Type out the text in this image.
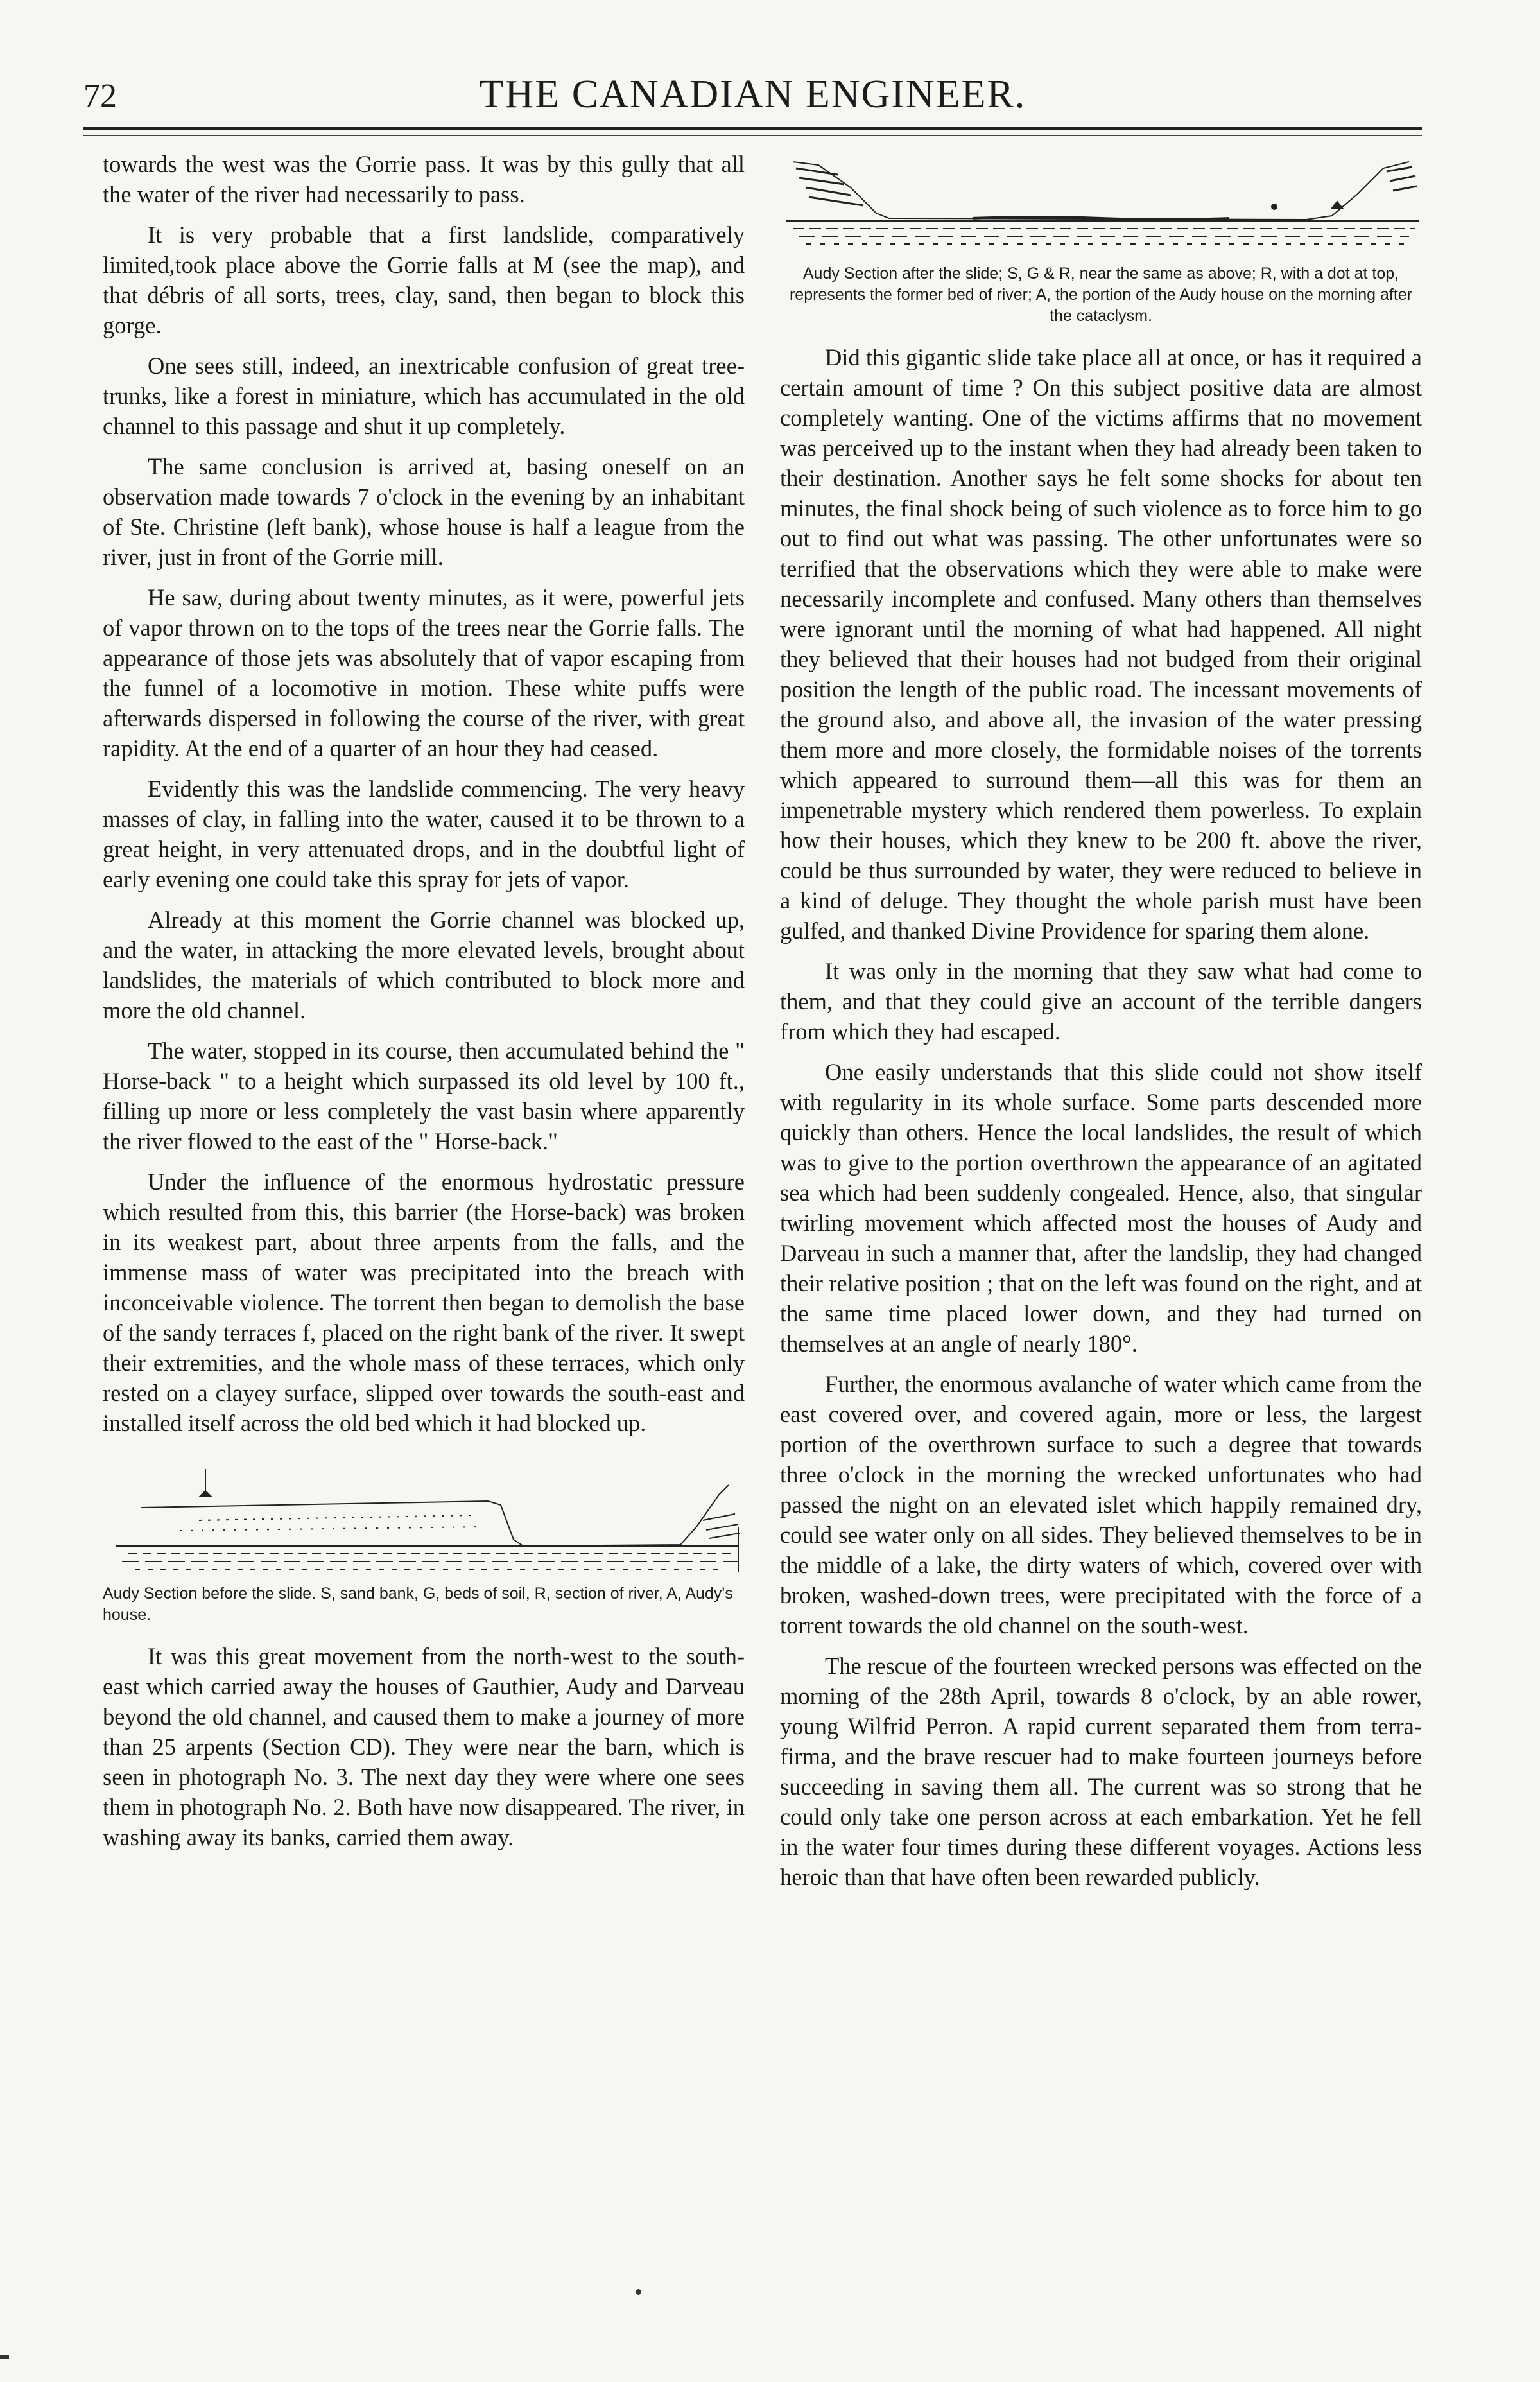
72	THE CANADIAN ENGINEER.

towards the west was the Gorrie pass. It was by this gully that all the water of the river had necessarily to pass.

It is very probable that a first landslide, comparatively limited,took place above the Gorrie falls at M (see the map), and that débris of all sorts, trees, clay, sand, then began to block this gorge.

One sees still, indeed, an inextricable confusion of great tree-trunks, like a forest in miniature, which has accumulated in the old channel to this passage and shut it up completely.

The same conclusion is arrived at, basing oneself on an observation made towards 7 o'clock in the evening by an inhabitant of Ste. Christine (left bank), whose house is half a league from the river, just in front of the Gorrie mill.

He saw, during about twenty minutes, as it were, powerful jets of vapor thrown on to the tops of the trees near the Gorrie falls. The appearance of those jets was absolutely that of vapor escaping from the funnel of a locomotive in motion. These white puffs were afterwards dispersed in following the course of the river, with great rapidity. At the end of a quarter of an hour they had ceased.

Evidently this was the landslide commencing. The very heavy masses of clay, in falling into the water, caused it to be thrown to a great height, in very attenuated drops, and in the doubtful light of early evening one could take this spray for jets of vapor.

Already at this moment the Gorrie channel was blocked up, and the water, in attacking the more elevated levels, brought about landslides, the materials of which contributed to block more and more the old channel.

The water, stopped in its course, then accumulated behind the " Horse-back " to a height which surpassed its old level by 100 ft., filling up more or less completely the vast basin where apparently the river flowed to the east of the " Horse-back."

Under the influence of the enormous hydrostatic pressure which resulted from this, this barrier (the Horse-back) was broken in its weakest part, about three arpents from the falls, and the immense mass of water was precipitated into the breach with inconceivable violence. The torrent then began to demolish the base of the sandy terraces f, placed on the right bank of the river. It swept their extremities, and the whole mass of these terraces, which only rested on a clayey surface, slipped over towards the south-east and installed itself across the old bed which it had blocked up.

Audy Section before the slide. S, sand bank, G, beds of soil, R, section of river, A, Audy's house.

It was this great movement from the north-west to the south-east which carried away the houses of Gauthier, Audy and Darveau beyond the old channel, and caused them to make a journey of more than 25 arpents (Section CD). They were near the barn, which is seen in photograph No. 3. The next day they were where one sees them in photograph No. 2. Both have now disappeared. The river, in washing away its banks, carried them away.

Audy Section after the slide; S, G & R, near the same as above; R, with a dot at top, represents the former bed of river; A, the portion of the Audy house on the morning after the cataclysm.

Did this gigantic slide take place all at once, or has it required a certain amount of time ? On this subject positive data are almost completely wanting. One of the victims affirms that no movement was perceived up to the instant when they had already been taken to their destination. Another says he felt some shocks for about ten minutes, the final shock being of such violence as to force him to go out to find out what was passing. The other unfortunates were so terrified that the observations which they were able to make were necessarily incomplete and confused. Many others than themselves were ignorant until the morning of what had happened. All night they believed that their houses had not budged from their original position the length of the public road. The incessant movements of the ground also, and above all, the invasion of the water pressing them more and more closely, the formidable noises of the torrents which appeared to surround them—all this was for them an impenetrable mystery which rendered them powerless. To explain how their houses, which they knew to be 200 ft. above the river, could be thus surrounded by water, they were reduced to believe in a kind of deluge. They thought the whole parish must have been gulfed, and thanked Divine Providence for sparing them alone.

It was only in the morning that they saw what had come to them, and that they could give an account of the terrible dangers from which they had escaped.

One easily understands that this slide could not show itself with regularity in its whole surface. Some parts descended more quickly than others. Hence the local landslides, the result of which was to give to the portion overthrown the appearance of an agitated sea which had been suddenly congealed. Hence, also, that singular twirling movement which affected most the houses of Audy and Darveau in such a manner that, after the landslip, they had changed their relative position ; that on the left was found on the right, and at the same time placed lower down, and they had turned on themselves at an angle of nearly 180°.

Further, the enormous avalanche of water which came from the east covered over, and covered again, more or less, the largest portion of the overthrown surface to such a degree that towards three o'clock in the morning the wrecked unfortunates who had passed the night on an elevated islet which happily remained dry, could see water only on all sides. They believed themselves to be in the middle of a lake, the dirty waters of which, covered over with broken, washed-down trees, were precipitated with the force of a torrent towards the old channel on the south-west.

The rescue of the fourteen wrecked persons was effected on the morning of the 28th April, towards 8 o'clock, by an able rower, young Wilfrid Perron. A rapid current separated them from terra-firma, and the brave rescuer had to make fourteen journeys before succeeding in saving them all. The current was so strong that he could only take one person across at each embarkation. Yet he fell in the water four times during these different voyages. Actions less heroic than that have often been rewarded publicly.
